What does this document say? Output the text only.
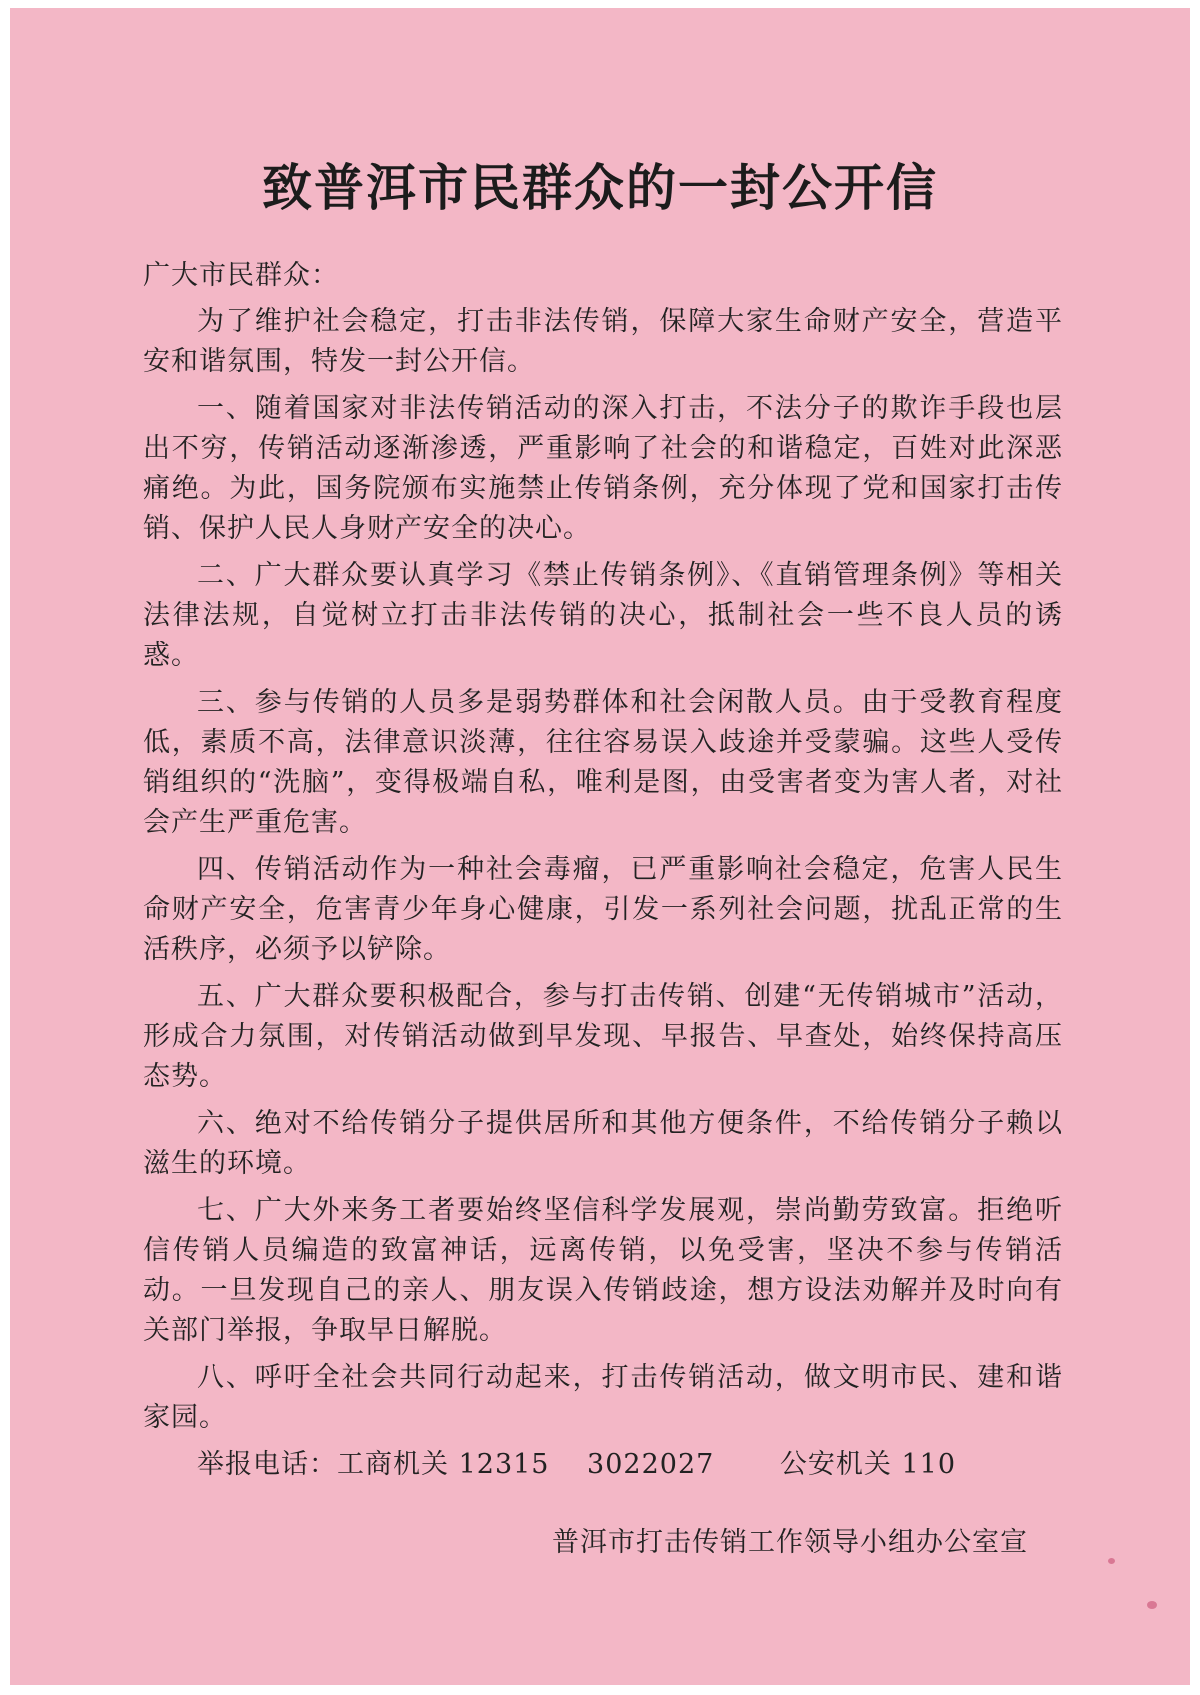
致普洱市民群众的一封公开信

广大市民群众：

为了维护社会稳定，打击非法传销，保障大家生命财产安全，营造平安和谐氛围，特发一封公开信。

一、随着国家对非法传销活动的深入打击，不法分子的欺诈手段也层出不穷，传销活动逐渐渗透，严重影响了社会的和谐稳定，百姓对此深恶痛绝。为此，国务院颁布实施禁止传销条例，充分体现了党和国家打击传销、保护人民人身财产安全的决心。

二、广大群众要认真学习《禁止传销条例》、《直销管理条例》等相关法律法规，自觉树立打击非法传销的决心，抵制社会一些不良人员的诱惑。

三、参与传销的人员多是弱势群体和社会闲散人员。由于受教育程度低，素质不高，法律意识淡薄，往往容易误入歧途并受蒙骗。这些人受传销组织的“洗脑”，变得极端自私，唯利是图，由受害者变为害人者，对社会产生严重危害。

四、传销活动作为一种社会毒瘤，已严重影响社会稳定，危害人民生命财产安全，危害青少年身心健康，引发一系列社会问题，扰乱正常的生活秩序，必须予以铲除。

五、广大群众要积极配合，参与打击传销、创建“无传销城市”活动，形成合力氛围，对传销活动做到早发现、早报告、早查处，始终保持高压态势。

六、绝对不给传销分子提供居所和其他方便条件，不给传销分子赖以滋生的环境。

七、广大外来务工者要始终坚信科学发展观，崇尚勤劳致富。拒绝听信传销人员编造的致富神话，远离传销，以免受害，坚决不参与传销活动。一旦发现自己的亲人、朋友误入传销歧途，想方设法劝解并及时向有关部门举报，争取早日解脱。

八、呼吁全社会共同行动起来，打击传销活动，做文明市民、建和谐家园。

举报电话：工商机关 12315　 3022027　 　公安机关 110

普洱市打击传销工作领导小组办公室宣
